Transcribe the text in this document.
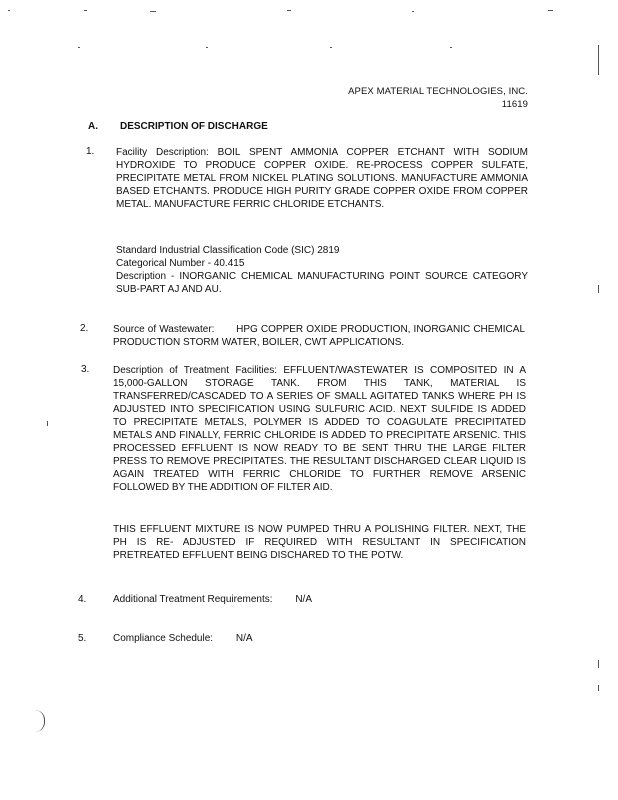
APEX MATERIAL TECHNOLOGIES, INC.
11619
A. DESCRIPTION OF DISCHARGE
1. Facility Description: BOIL SPENT AMMONIA COPPER ETCHANT WITH SODIUM HYDROXIDE TO PRODUCE COPPER OXIDE. RE-PROCESS COPPER SULFATE, PRECIPITATE METAL FROM NICKEL PLATING SOLUTIONS. MANUFACTURE AMMONIA BASED ETCHANTS. PRODUCE HIGH PURITY GRADE COPPER OXIDE FROM COPPER METAL. MANUFACTURE FERRIC CHLORIDE ETCHANTS.
Standard Industrial Classification Code (SIC) 2819
Categorical Number - 40.415
Description - INORGANIC CHEMICAL MANUFACTURING POINT SOURCE CATEGORY SUB-PART AJ AND AU.
2. Source of Wastewater: HPG COPPER OXIDE PRODUCTION, INORGANIC CHEMICAL PRODUCTION STORM WATER, BOILER, CWT APPLICATIONS.
3. Description of Treatment Facilities: EFFLUENT/WASTEWATER IS COMPOSITED IN A 15,000-GALLON STORAGE TANK. FROM THIS TANK, MATERIAL IS TRANSFERRED/CASCADED TO A SERIES OF SMALL AGITATED TANKS WHERE PH IS ADJUSTED INTO SPECIFICATION USING SULFURIC ACID. NEXT SULFIDE IS ADDED TO PRECIPITATE METALS, POLYMER IS ADDED TO COAGULATE PRECIPITATED METALS AND FINALLY, FERRIC CHLORIDE IS ADDED TO PRECIPITATE ARSENIC. THIS PROCESSED EFFLUENT IS NOW READY TO BE SENT THRU THE LARGE FILTER PRESS TO REMOVE PRECIPITATES. THE RESULTANT DISCHARGED CLEAR LIQUID IS AGAIN TREATED WITH FERRIC CHLORIDE TO FURTHER REMOVE ARSENIC FOLLOWED BY THE ADDITION OF FILTER AID.
THIS EFFLUENT MIXTURE IS NOW PUMPED THRU A POLISHING FILTER. NEXT, THE PH IS RE- ADJUSTED IF REQUIRED WITH RESULTANT IN SPECIFICATION PRETREATED EFFLUENT BEING DISCHARED TO THE POTW.
4.	Additional Treatment Requirements: N/A
5.	Compliance Schedule: N/A
